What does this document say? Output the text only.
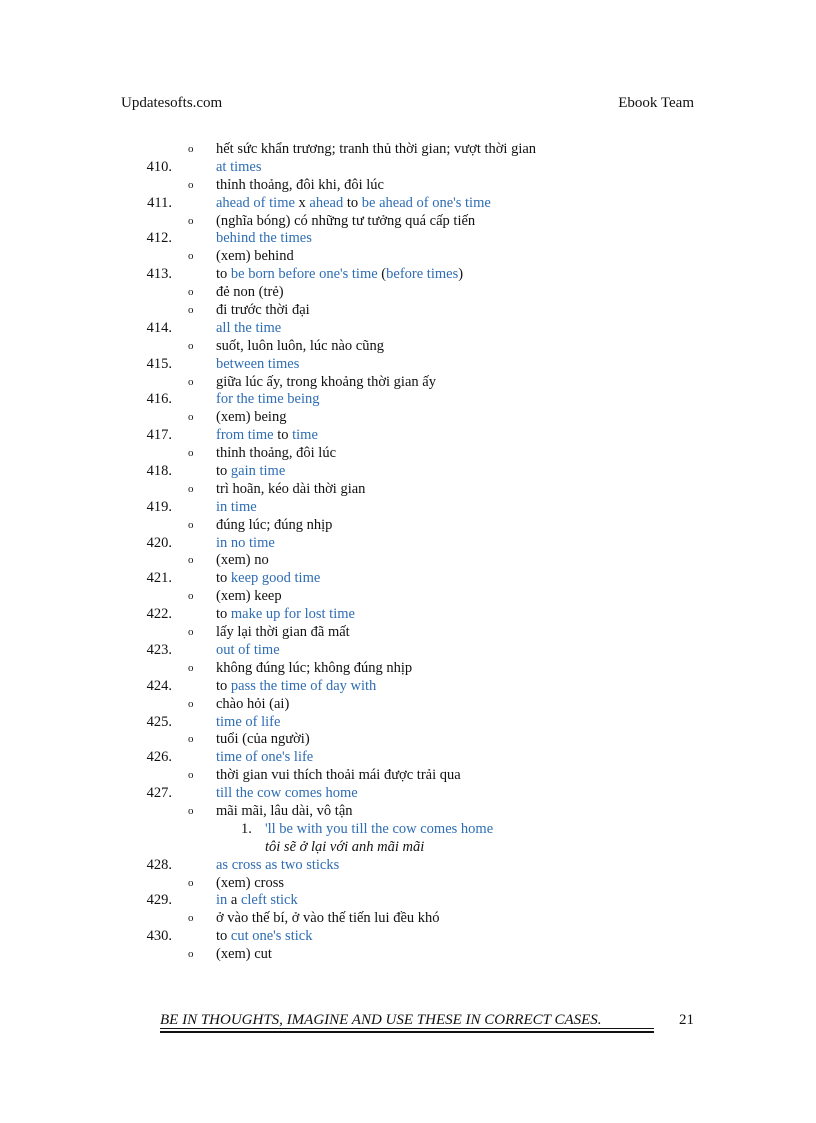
Updatesofts.com	Ebook Team
o hết sức khẩn trương; tranh thủ thời gian; vượt thời gian
410.	at times
o thỉnh thoảng, đôi khi, đôi lúc
411.	ahead of time x ahead to be ahead of one's time
o (nghĩa bóng) có những tư tưởng quá cấp tiến
412.	behind the times
o (xem) behind
413.	to be born before one's time (before times)
o đẻ non (trẻ)
o đi trước thời đại
414.	all the time
o suốt, luôn luôn, lúc nào cũng
415.	between times
o giữa lúc ấy, trong khoảng thời gian ấy
416.	for the time being
o (xem) being
417.	from time to time
o thỉnh thoảng, đôi lúc
418.	to gain time
o trì hoãn, kéo dài thời gian
419.	in time
o đúng lúc; đúng nhịp
420.	in no time
o (xem) no
421.	to keep good time
o (xem) keep
422.	to make up for lost time
o lấy lại thời gian đã mất
423.	out of time
o không đúng lúc; không đúng nhịp
424.	to pass the time of day with
o chào hỏi (ai)
425.	time of life
o tuổi (của người)
426.	time of one's life
o thời gian vui thích thoải mái được trải qua
427.	till the cow comes home
o mãi mãi, lâu dài, vô tận
1. 'll be with you till the cow comes home
tôi sẽ ở lại với anh mãi mãi
428.	as cross as two sticks
o (xem) cross
429.	in a cleft stick
o ở vào thế bí, ở vào thế tiến lui đều khó
430.	to cut one's stick
o (xem) cut
BE IN THOUGHTS, IMAGINE AND USE THESE IN CORRECT CASES.	21
